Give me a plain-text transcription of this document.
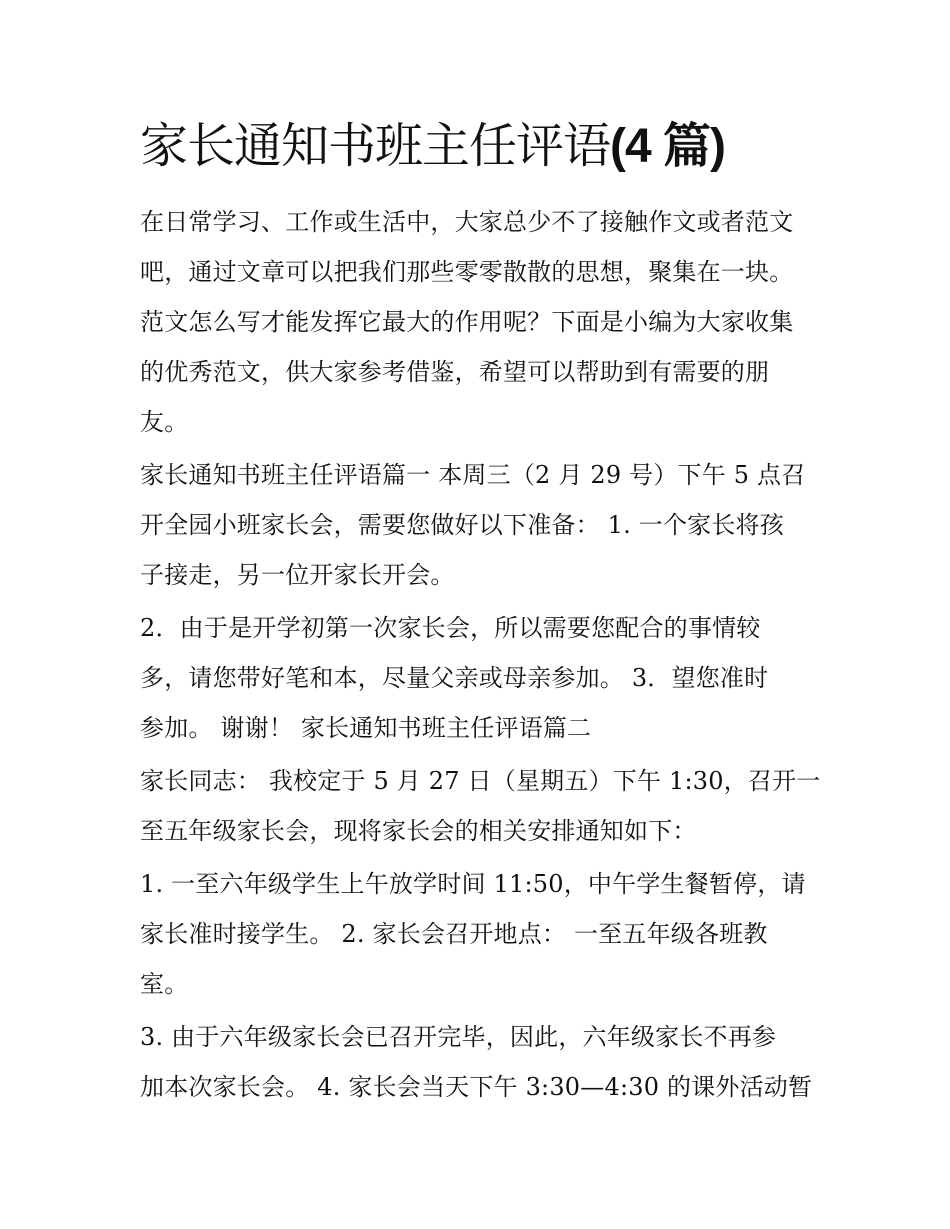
家长通知书班主任评语(4 篇)
在日常学习、工作或生活中，大家总少不了接触作文或者范文
吧，通过文章可以把我们那些零零散散的思想，聚集在一块。
范文怎么写才能发挥它最大的作用呢？下面是小编为大家收集
的优秀范文，供大家参考借鉴，希望可以帮助到有需要的朋
友。
家长通知书班主任评语篇一 本周三（2 月 29 号）下午 5 点召
开全园小班家长会，需要您做好以下准备： 1. 一个家长将孩
子接走，另一位开家长开会。
2．由于是开学初第一次家长会，所以需要您配合的事情较
多，请您带好笔和本，尽量父亲或母亲参加。 3．望您准时
参加。 谢谢！ 家长通知书班主任评语篇二
家长同志： 我校定于 5 月 27 日（星期五）下午 1:30，召开一
至五年级家长会，现将家长会的相关安排通知如下：
1. 一至六年级学生上午放学时间 11:50，中午学生餐暂停，请
家长准时接学生。 2. 家长会召开地点： 一至五年级各班教
室。
3. 由于六年级家长会已召开完毕，因此，六年级家长不再参
加本次家长会。 4. 家长会当天下午 3:30—4:30 的课外活动暂
